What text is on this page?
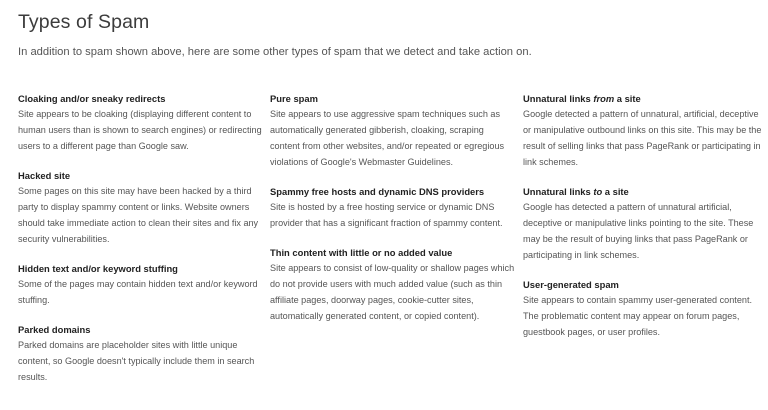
Types of Spam

In addition to spam shown above, here are some other types of spam that we detect and take action on.

Cloaking and/or sneaky redirects

Site appears to be cloaking (displaying different content to human users than is shown to search engines) or redirecting users to a different page than Google saw.

Hacked site

Some pages on this site may have been hacked by a third party to display spammy content or links. Website owners should take immediate action to clean their sites and fix any security vulnerabilities.

Hidden text and/or keyword stuffing

Some of the pages may contain hidden text and/or keyword stuffing.

Parked domains

Parked domains are placeholder sites with little unique content, so Google doesn't typically include them in search results.

Pure spam

Site appears to use aggressive spam techniques such as automatically generated gibberish, cloaking, scraping content from other websites, and/or repeated or egregious violations of Google's Webmaster Guidelines.

Spammy free hosts and dynamic DNS providers

Site is hosted by a free hosting service or dynamic DNS provider that has a significant fraction of spammy content.

Thin content with little or no added value

Site appears to consist of low-quality or shallow pages which do not provide users with much added value (such as thin affiliate pages, doorway pages, cookie-cutter sites, automatically generated content, or copied content).

Unnatural links from a site

Google detected a pattern of unnatural, artificial, deceptive or manipulative outbound links on this site. This may be the result of selling links that pass PageRank or participating in link schemes.

Unnatural links to a site

Google has detected a pattern of unnatural artificial, deceptive or manipulative links pointing to the site. These may be the result of buying links that pass PageRank or participating in link schemes.

User-generated spam

Site appears to contain spammy user-generated content. The problematic content may appear on forum pages, guestbook pages, or user profiles.
